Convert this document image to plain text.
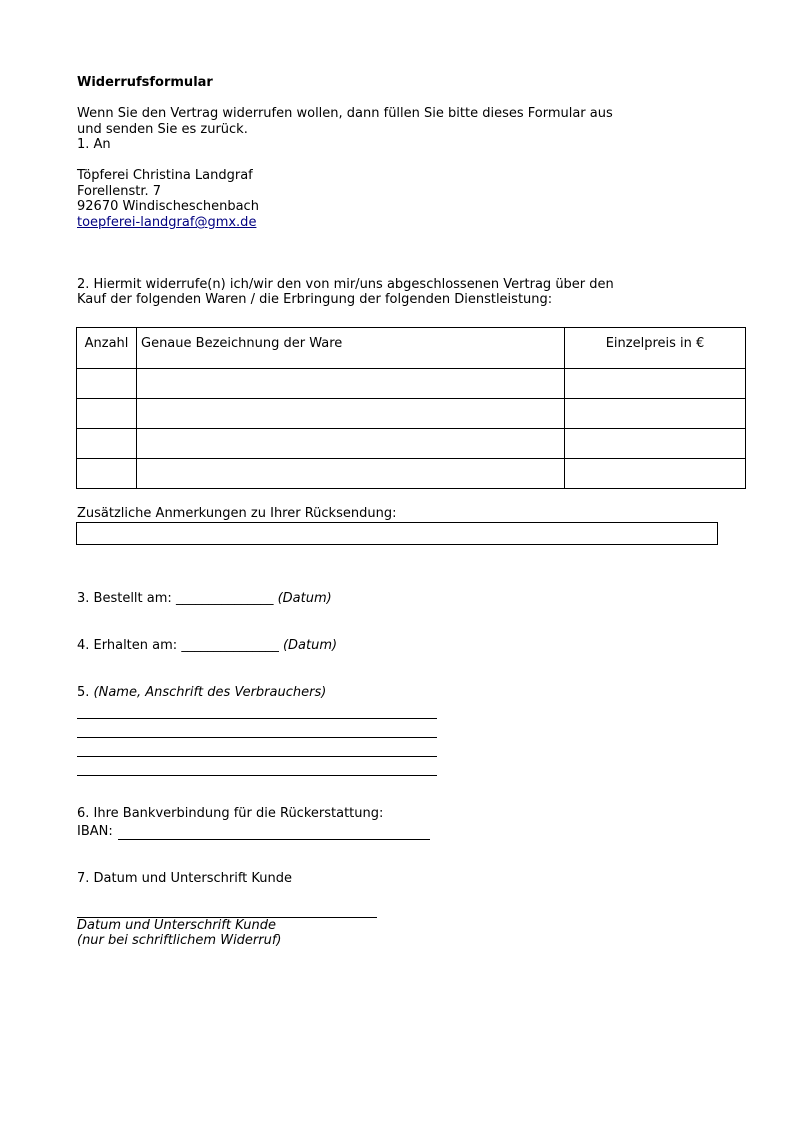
Widerrufsformular
Wenn Sie den Vertrag widerrufen wollen, dann füllen Sie bitte dieses Formular aus
und senden Sie es zurück.
1. An
Töpferei Christina Landgraf
Forellenstr. 7
92670 Windischeschenbach
toepferei-landgraf@gmx.de
2. Hiermit widerrufe(n) ich/wir den von mir/uns abgeschlossenen Vertrag über den
Kauf der folgenden Waren / die Erbringung der folgenden Dienstleistung:
Anzahl	Genaue Bezeichnung der Ware	Einzelpreis in €

Zusätzliche Anmerkungen zu Ihrer Rücksendung:
3. Bestellt am: _______________ (Datum)
4. Erhalten am: _______________ (Datum)
5. (Name, Anschrift des Verbrauchers)
6. Ihre Bankverbindung für die Rückerstattung:
IBAN:
7. Datum und Unterschrift Kunde
Datum und Unterschrift Kunde
(nur bei schriftlichem Widerruf)
